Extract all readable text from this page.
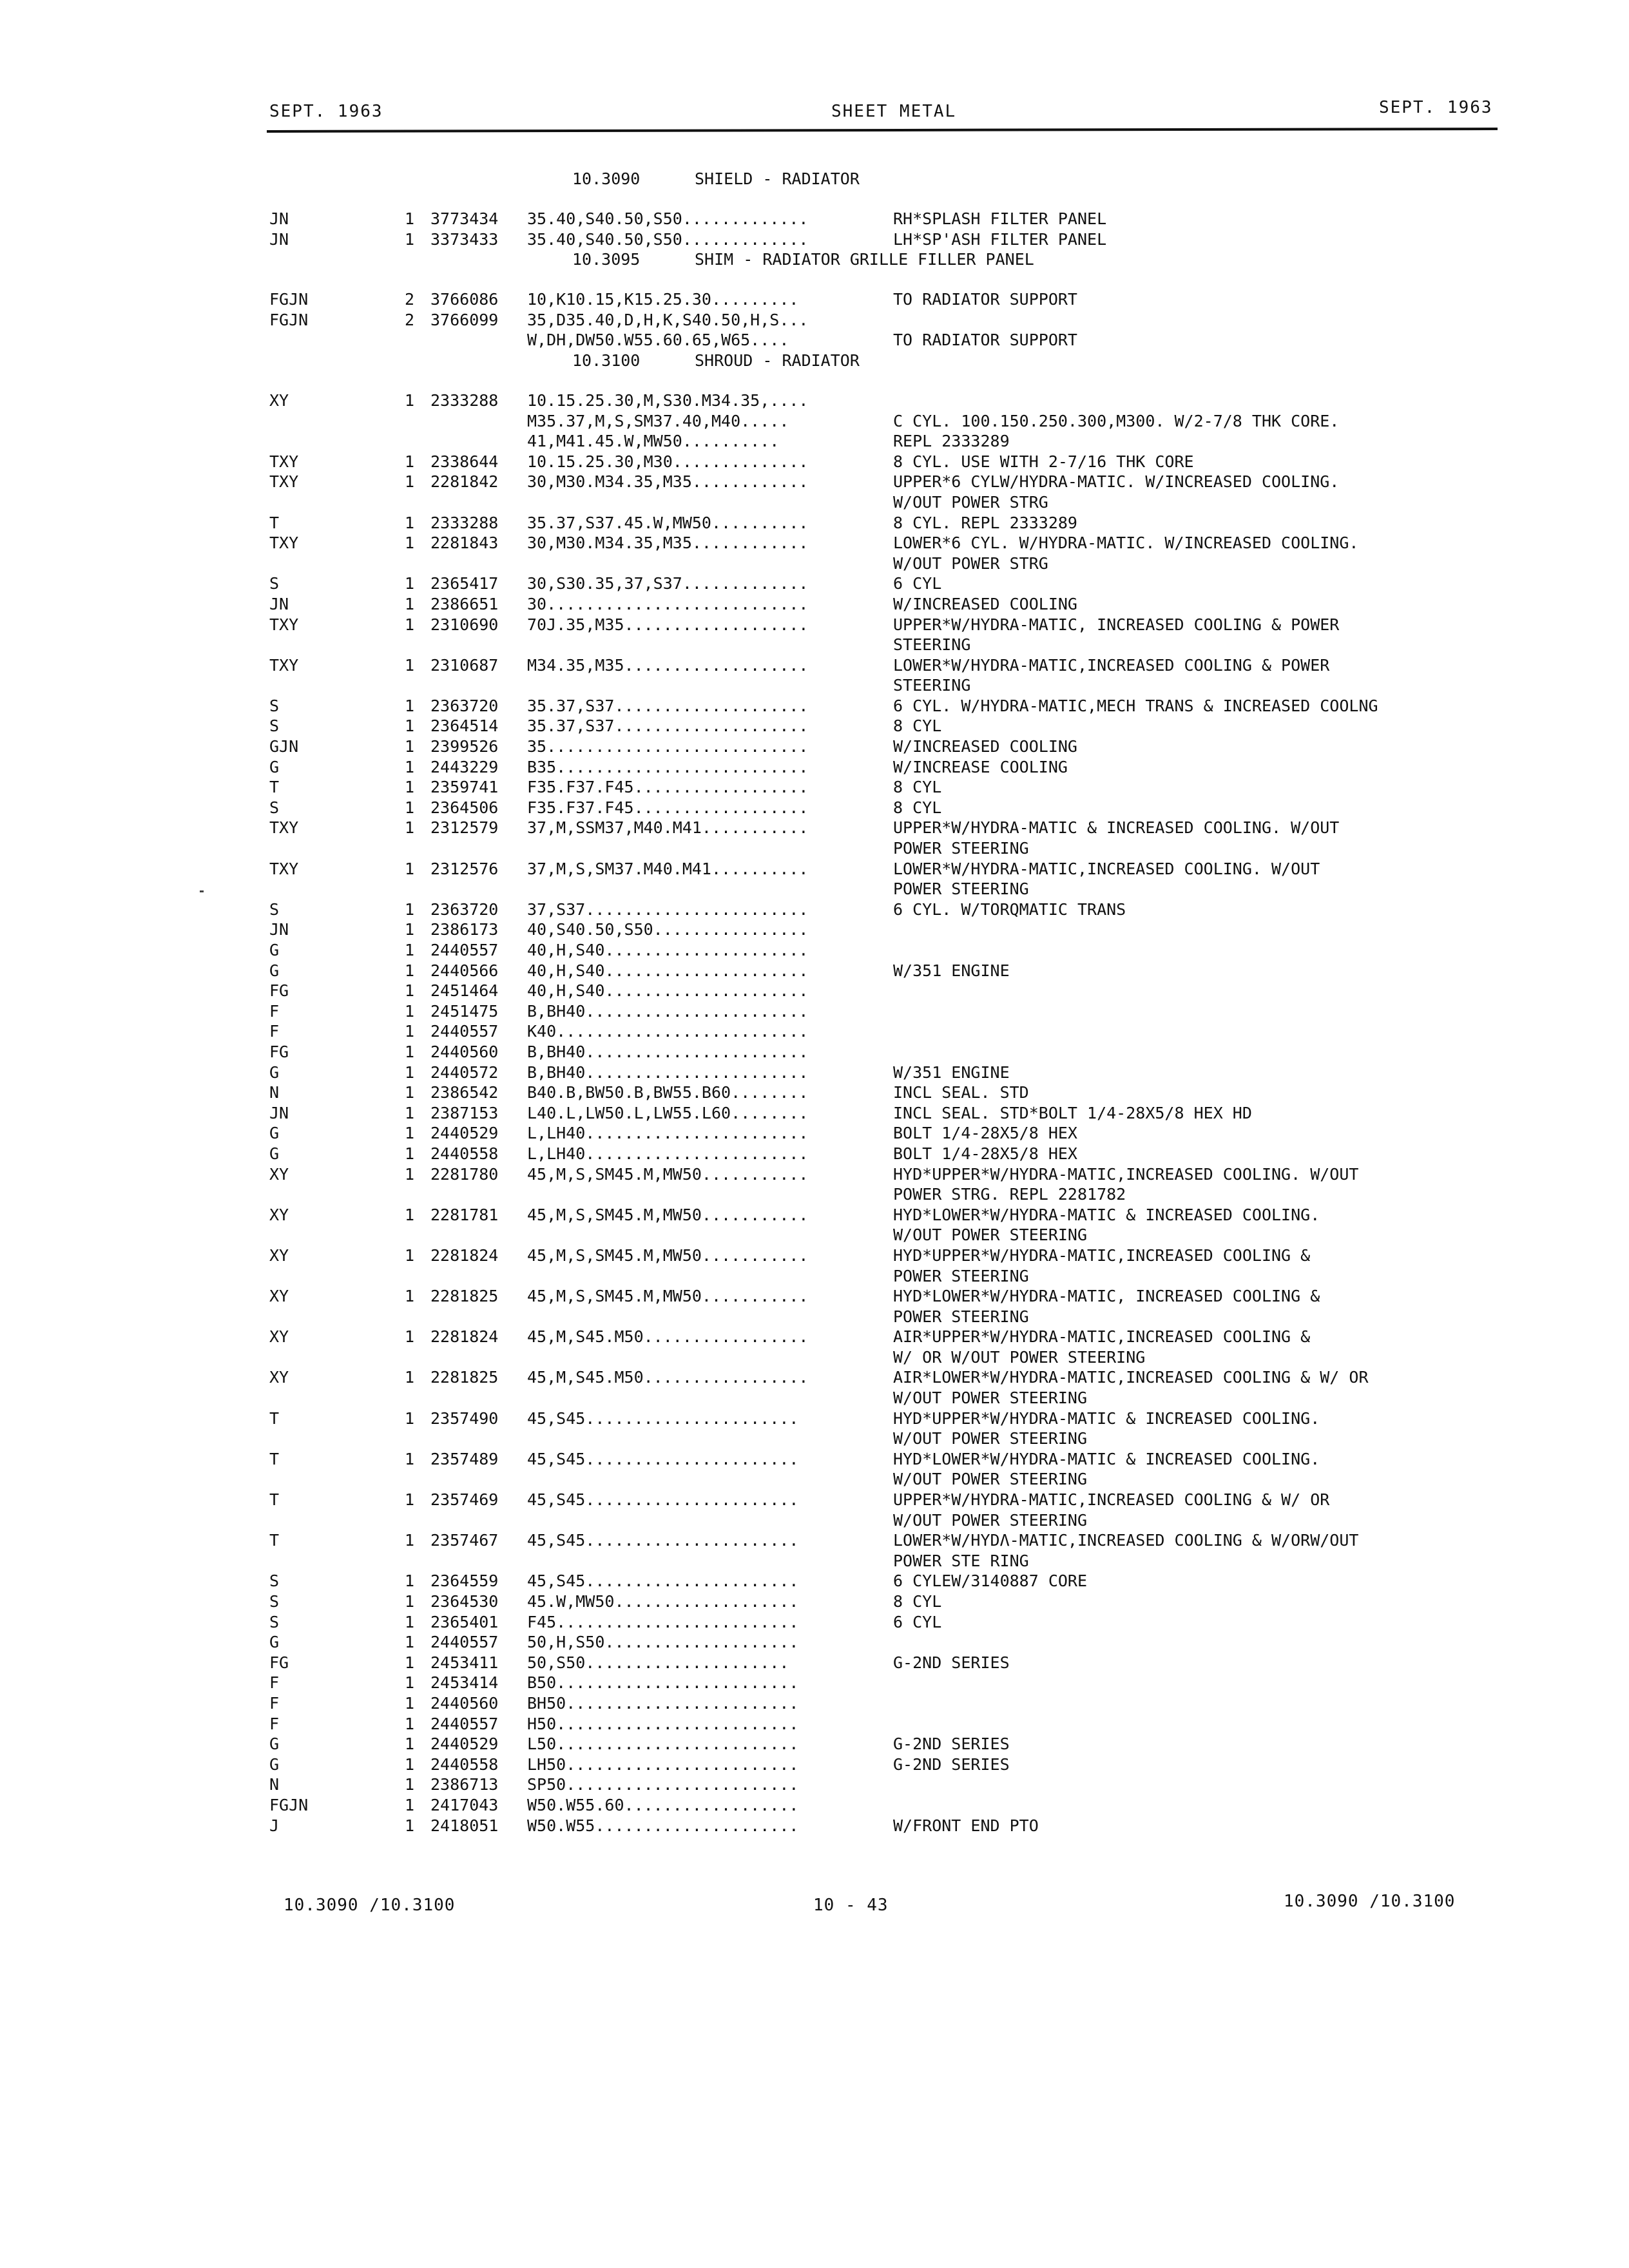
SEPT. 1963	SHEET METAL	SEPT. 1963
10.3090	SHIELD - RADIATOR
JN	1 3773434 35.40,S40.50,S50.............	RH*SPLASH FILTER PANEL
JN	1 3373433 35.40,S40.50,S50.............	LH*SP'ASH FILTER PANEL
10.3095	SHIM - RADIATOR GRILLE FILLER PANEL
FGJN	2 3766086 10,K10.15,K15.25.30.........	TO RADIATOR SUPPORT
FGJN	2 3766099 35,D35.40,D,H,K,S40.50,H,S...
W,DH,DW50.W55.60.65,W65....	TO RADIATOR SUPPORT
10.3100	SHROUD - RADIATOR
XY	1 2333288 10.15.25.30,M,S30.M34.35,....
M35.37,M,S,SM37.40,M40.....	C CYL. 100.150.250.300,M300. W/2-7/8 THK CORE.
41,M41.45.W,MW50..........	REPL 2333289
TXY	1 2338644 10.15.25.30,M30..............	8 CYL. USE WITH 2-7/16 THK CORE
TXY	1 2281842 30,M30.M34.35,M35............	UPPER*6 CYLW/HYDRA-MATIC. W/INCREASED COOLING.
W/OUT POWER STRG
T	1 2333288 35.37,S37.45.W,MW50..........	8 CYL. REPL 2333289
TXY	1 2281843 30,M30.M34.35,M35............	LOWER*6 CYL. W/HYDRA-MATIC. W/INCREASED COOLING.
W/OUT POWER STRG
S	1 2365417 30,S30.35,37,S37.............	6 CYL
JN	1 2386651 30...........................	W/INCREASED COOLING
TXY	1 2310690 70J.35,M35...................	UPPER*W/HYDRA-MATIC, INCREASED COOLING & POWER
STEERING
TXY	1 2310687 M34.35,M35...................	LOWER*W/HYDRA-MATIC,INCREASED COOLING & POWER
STEERING
S	1 2363720 35.37,S37....................	6 CYL. W/HYDRA-MATIC,MECH TRANS & INCREASED COOLNG
S	1 2364514 35.37,S37....................	8 CYL
GJN	1 2399526 35...........................	W/INCREASED COOLING
G	1 2443229 B35..........................	W/INCREASE COOLING
T	1 2359741 F35.F37.F45..................	8 CYL
S	1 2364506 F35.F37.F45..................	8 CYL
TXY	1 2312579 37,M,SSM37,M40.M41...........	UPPER*W/HYDRA-MATIC & INCREASED COOLING. W/OUT
POWER STEERING
TXY	1 2312576 37,M,S,SM37.M40.M41..........	LOWER*W/HYDRA-MATIC,INCREASED COOLING. W/OUT
POWER STEERING
S	1 2363720 37,S37.......................	6 CYL. W/TORQMATIC TRANS
JN	1 2386173 40,S40.50,S50................
G	1 2440557 40,H,S40.....................
G	1 2440566 40,H,S40.....................	W/351 ENGINE
FG	1 2451464 40,H,S40.....................
F	1 2451475 B,BH40.......................
F	1 2440557 K40..........................
FG	1 2440560 B,BH40.......................
G	1 2440572 B,BH40.......................	W/351 ENGINE
N	1 2386542 B40.B,BW50.B,BW55.B60........	INCL SEAL. STD
JN	1 2387153 L40.L,LW50.L,LW55.L60........	INCL SEAL. STD*BOLT 1/4-28X5/8 HEX HD
G	1 2440529 L,LH40.......................	BOLT 1/4-28X5/8 HEX
G	1 2440558 L,LH40.......................	BOLT 1/4-28X5/8 HEX
XY	1 2281780 45,M,S,SM45.M,MW50...........	HYD*UPPER*W/HYDRA-MATIC,INCREASED COOLING. W/OUT
POWER STRG. REPL 2281782
XY	1 2281781 45,M,S,SM45.M,MW50...........	HYD*LOWER*W/HYDRA-MATIC & INCREASED COOLING.
W/OUT POWER STEERING
XY	1 2281824 45,M,S,SM45.M,MW50...........	HYD*UPPER*W/HYDRA-MATIC,INCREASED COOLING &
POWER STEERING
XY	1 2281825 45,M,S,SM45.M,MW50...........	HYD*LOWER*W/HYDRA-MATIC, INCREASED COOLING &
POWER STEERING
XY	1 2281824 45,M,S45.M50.................	AIR*UPPER*W/HYDRA-MATIC,INCREASED COOLING &
W/ OR W/OUT POWER STEERING
XY	1 2281825 45,M,S45.M50.................	AIR*LOWER*W/HYDRA-MATIC,INCREASED COOLING & W/ OR
W/OUT POWER STEERING
T	1 2357490 45,S45......................	HYD*UPPER*W/HYDRA-MATIC & INCREASED COOLING.
W/OUT POWER STEERING
T	1 2357489 45,S45......................	HYD*LOWER*W/HYDRA-MATIC & INCREASED COOLING.
W/OUT POWER STEERING
T	1 2357469 45,S45......................	UPPER*W/HYDRA-MATIC,INCREASED COOLING & W/ OR
W/OUT POWER STEERING
T	1 2357467 45,S45......................	LOWER*W/HYDΛ-MATIC,INCREASED COOLING & W/ORW/OUT
POWER STE RING
S	1 2364559 45,S45......................	6 CYLEW/3140887 CORE
S	1 2364530 45.W,MW50...................	8 CYL
S	1 2365401 F45.........................	6 CYL
G	1 2440557 50,H,S50....................
FG	1 2453411 50,S50.....................	G-2ND SERIES
F	1 2453414 B50.........................
F	1 2440560 BH50........................
F	1 2440557 H50.........................
G	1 2440529 L50.........................	G-2ND SERIES
G	1 2440558 LH50........................	G-2ND SERIES
N	1 2386713 SP50........................
FGJN	1 2417043 W50.W55.60..................
J	1 2418051 W50.W55.....................	W/FRONT END PTO
10.3090 /10.3100	10 - 43	10.3090 /10.3100
